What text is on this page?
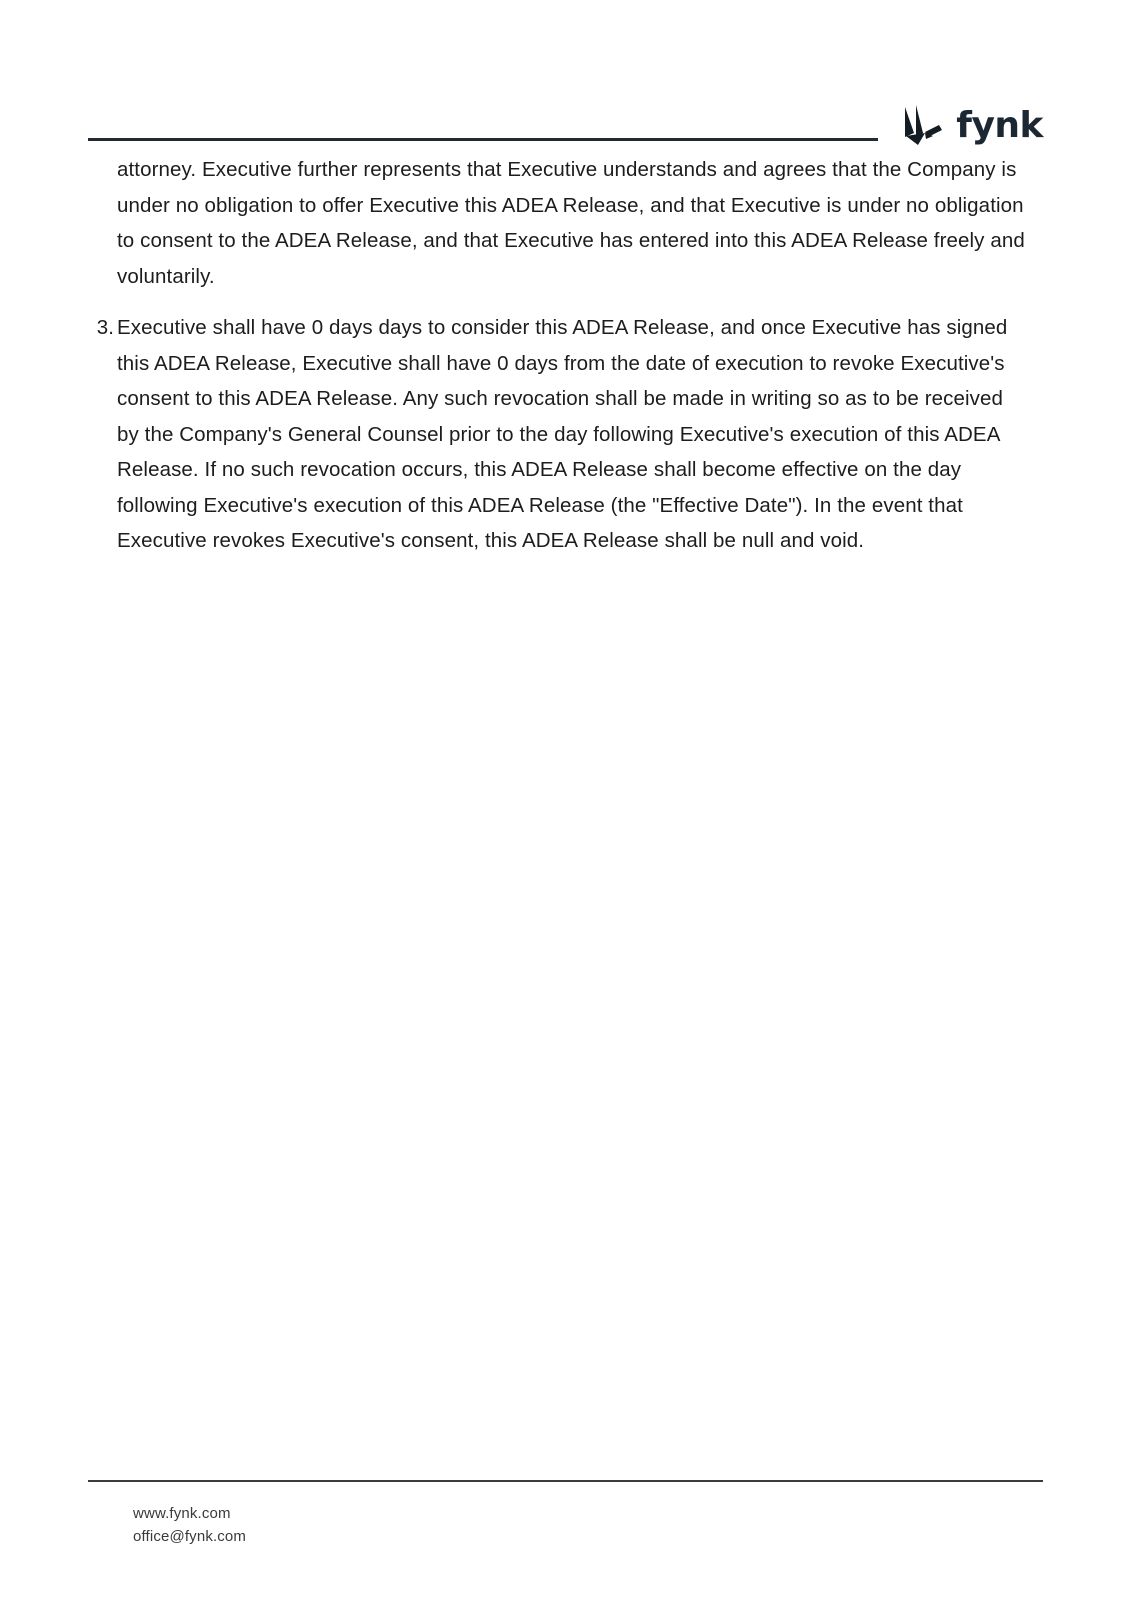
fynk

attorney. Executive further represents that Executive understands and agrees that the Company is under no obligation to offer Executive this ADEA Release, and that Executive is under no obligation to consent to the ADEA Release, and that Executive has entered into this ADEA Release freely and voluntarily.

3. Executive shall have 0 days days to consider this ADEA Release, and once Executive has signed this ADEA Release, Executive shall have 0 days from the date of execution to revoke Executive's consent to this ADEA Release. Any such revocation shall be made in writing so as to be received by the Company's General Counsel prior to the day following Executive's execution of this ADEA Release. If no such revocation occurs, this ADEA Release shall become effective on the day following Executive's execution of this ADEA Release (the "Effective Date"). In the event that Executive revokes Executive's consent, this ADEA Release shall be null and void.
www.fynk.com
office@fynk.com
